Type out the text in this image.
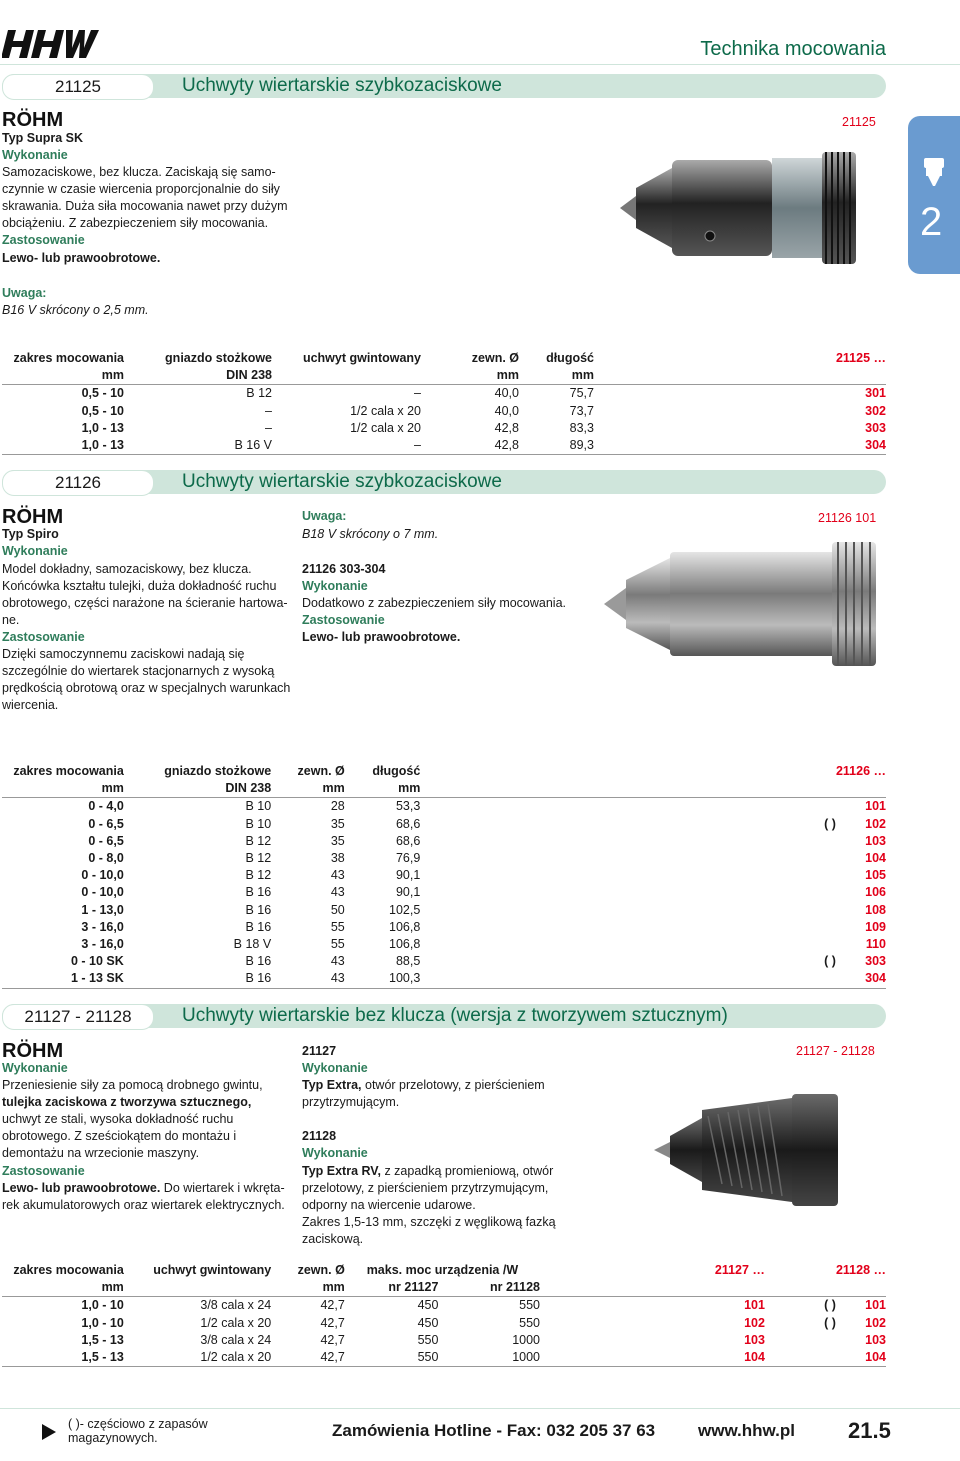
Technika mocowania
2
21125	Uchwyty wiertarskie szybkozaciskowe
RÖHM
Typ Supra SK
Wykonanie
Samozaciskowe, bez klucza. Zaciskają się samo-
czynnie w czasie wiercenia proporcjonalnie do siły
skrawania. Duża siła mocowania nawet przy dużym
obciążeniu. Z zabezpieczeniem siły mocowania.
Zastosowanie
Lewo- lub prawoobrotowe.
Uwaga:
B16 V skrócony o 2,5 mm.
21125
zakres mocowania	gniazdo stożkowe	uchwyt gwintowany	zewn. Ø	długość	21125 …
mm	DIN 238		mm	mm	
0,5 - 10	B 12	–	40,0	75,7	301
0,5 - 10	–	1/2 cala x 20	40,0	73,7	302
1,0 - 13	–	1/2 cala x 20	42,8	83,3	303
1,0 - 13	B 16 V	–	42,8	89,3	304
21126	Uchwyty wiertarskie szybkozaciskowe
RÖHM
Typ Spiro
Wykonanie
Model dokładny, samozaciskowy, bez klucza.
Końcówka kształtu tulejki, duża dokładność ruchu
obrotowego, części narażone na ścieranie hartowa-
ne.
Zastosowanie
Dzięki samoczynnemu zaciskowi nadają się
szczególnie do wiertarek stacjonarnych z wysoką
prędkością obrotową oraz w specjalnych warunkach
wiercenia.
Uwaga:
B18 V skrócony o 7 mm.
21126 303-304
Wykonanie
Dodatkowo z zabezpieczeniem siły mocowania.
Zastosowanie
Lewo- lub prawoobrotowe.
21126 101
zakres mocowania	gniazdo stożkowe	zewn. Ø	długość		21126 …
mm	DIN 238	mm	mm		
0 - 4,0	B 10	28	53,3		101
0 - 6,5	B 10	35	68,6	( )	102
0 - 6,5	B 12	35	68,6		103
0 - 8,0	B 12	38	76,9		104
0 - 10,0	B 12	43	90,1		105
0 - 10,0	B 16	43	90,1		106
1 - 13,0	B 16	50	102,5		108
3 - 16,0	B 16	55	106,8		109
3 - 16,0	B 18 V	55	106,8		110
0 - 10 SK	B 16	43	88,5	( )	303
1 - 13 SK	B 16	43	100,3		304
21127 - 21128	Uchwyty wiertarskie bez klucza (wersja z tworzywem sztucznym)
RÖHM
Wykonanie
Przeniesienie siły za pomocą drobnego gwintu,
tulejka zaciskowa z tworzywa sztucznego,
uchwyt ze stali, wysoka dokładność ruchu
obrotowego. Z sześciokątem do montażu i
demontażu na wrzecionie maszyny.
Zastosowanie
Lewo- lub prawoobrotowe. Do wiertarek i wkręta-
rek akumulatorowych oraz wiertarek elektrycznych.
21127
Wykonanie
Typ Extra, otwór przelotowy, z pierścieniem
przytrzymującym.
21128
Wykonanie
Typ Extra RV, z zapadką promieniową, otwór
przelotowy, z pierścieniem przytrzymującym,
odporny na wiercenie udarowe.
Zakres 1,5-13 mm, szczęki z węglikową fazką
zaciskową.
21127 - 21128
zakres mocowania	uchwyt gwintowany	zewn. Ø	maks. moc urządzenia /W		21127 …		21128 …
mm		mm	nr 21127	nr 21128			
1,0 - 10	3/8 cala x 24	42,7	450	550	101	( )	101
1,0 - 10	1/2 cala x 20	42,7	450	550	102	( )	102
1,5 - 13	3/8 cala x 24	42,7	550	1000	103		103
1,5 - 13	1/2 cala x 20	42,7	550	1000	104		104
( )- częściowo z zapasów
magazynowych.	Zamówienia Hotline - Fax: 032 205 37 63	www.hhw.pl 21.5
